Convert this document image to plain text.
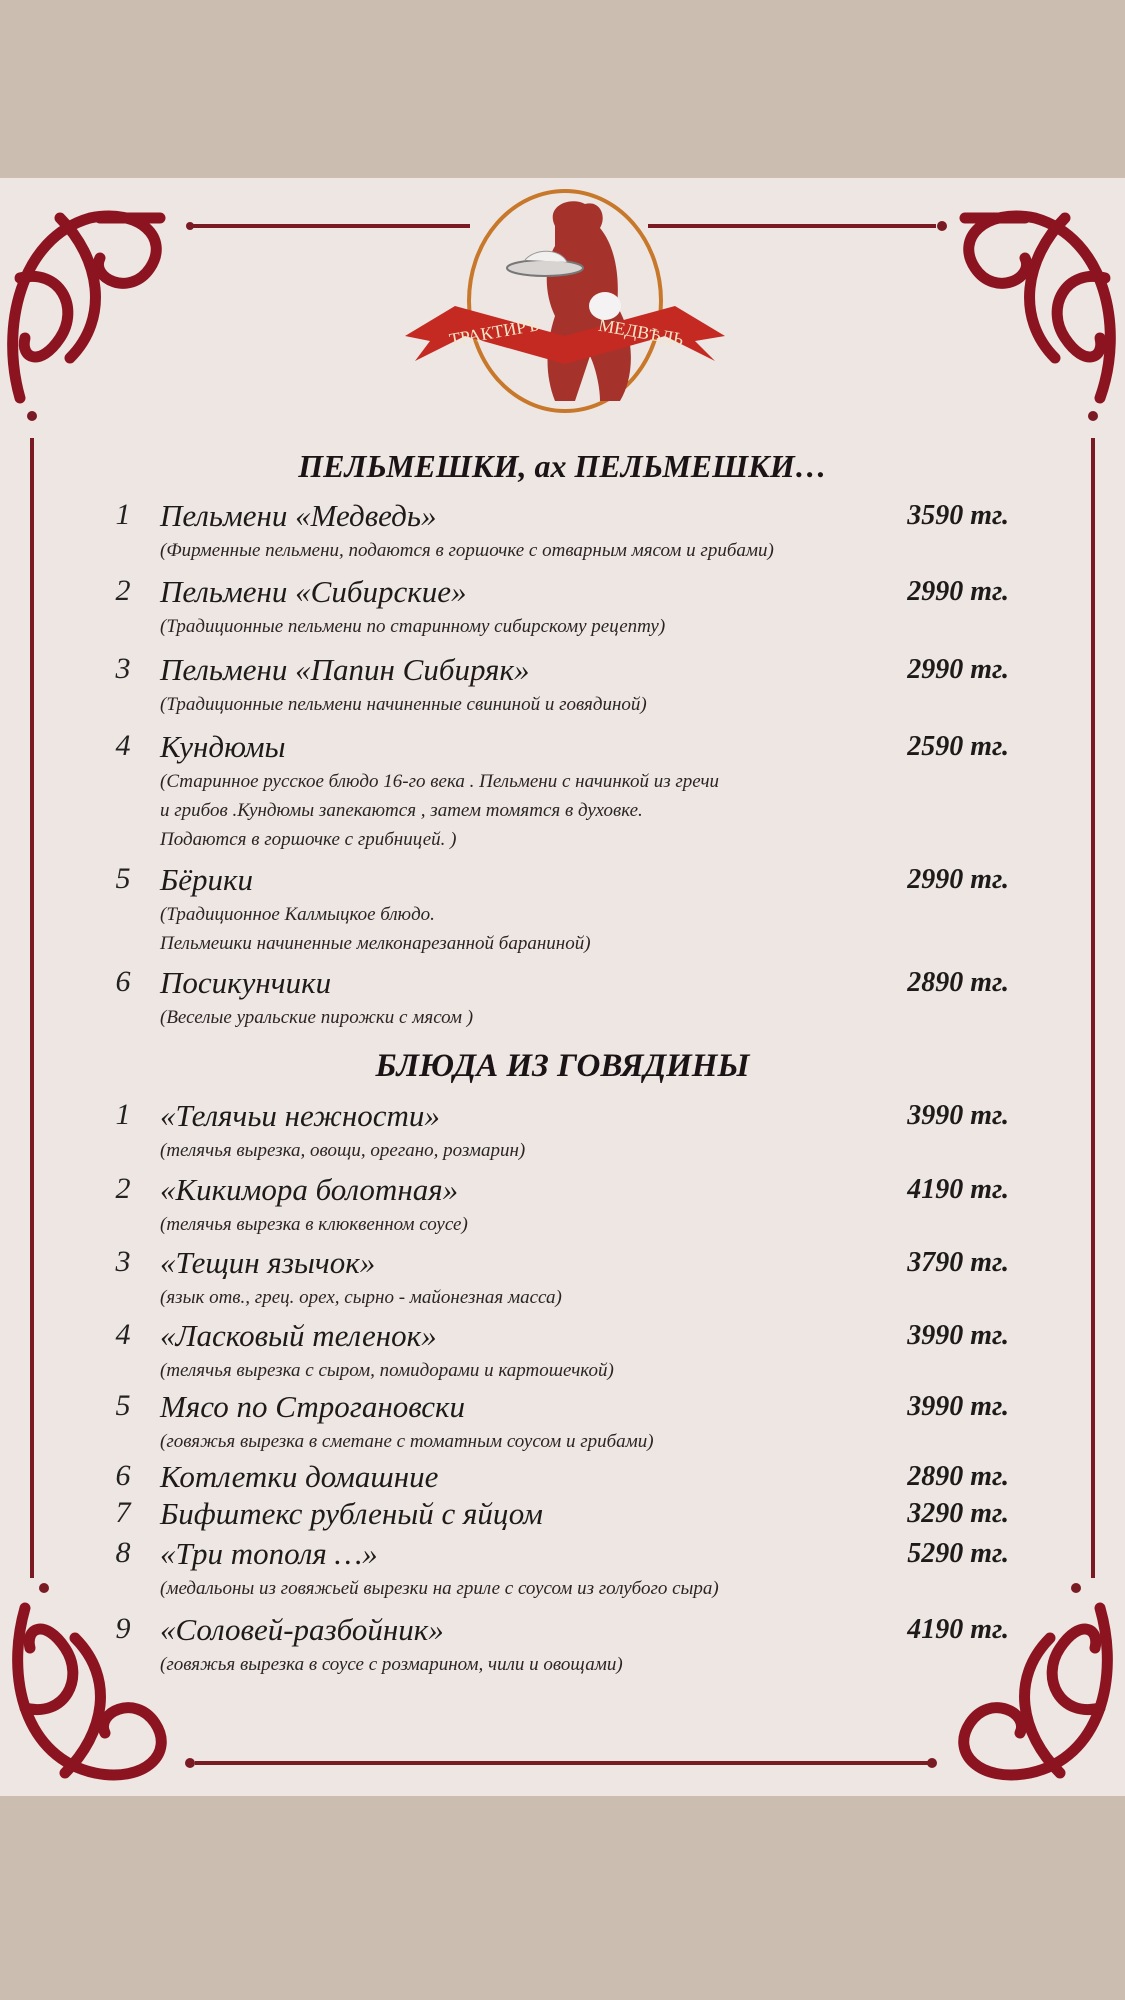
ТРАКТИРЪ	МЕДВѢДЬ
ПЕЛЬМЕШКИ, ах ПЕЛЬМЕШКИ…
1 Пельмени «Медведь»	3590 тг.
(Фирменные пельмени, подаются в горшочке с отварным мясом и грибами)
2 Пельмени «Сибирские»	2990 тг.
(Традиционные пельмени по старинному сибирскому рецепту)
3 Пельмени «Папин Сибиряк»	2990 тг.
(Традиционные пельмени начиненные свининой и говядиной)
4 Кундюмы	2590 тг.
(Старинное русское блюдо 16-го века . Пельмени с начинкой из гречи
и грибов .Кундюмы запекаются , затем томятся в духовке.
Подаются в горшочке с грибницей. )
5 Бёрики	2990 тг.
(Традиционное Калмыцкое блюдо.
Пельмешки начиненные мелконарезанной бараниной)
6 Посикунчики	2890 тг.
(Веселые уральские пирожки с мясом )
БЛЮДА ИЗ ГОВЯДИНЫ
1 «Телячьи нежности»	3990 тг.
(телячья вырезка, овощи, орегано, розмарин)
2 «Кикимора болотная»	4190 тг.
(телячья вырезка в клюквенном соусе)
3 «Тещин язычок»	3790 тг.
(язык отв., грец. орех, сырно - майонезная масса)
4 «Ласковый теленок»	3990 тг.
(телячья вырезка с сыром, помидорами и картошечкой)
5 Мясо по Строгановски	3990 тг.
(говяжья вырезка в сметане с томатным соусом и грибами)
6 Котлетки домашние	2890 тг.
7 Бифштекс рубленый с яйцом	3290 тг.
8 «Три тополя …»	5290 тг.
(медальоны из говяжьей вырезки на гриле с соусом из голубого сыра)
9 «Соловей-разбойник»	4190 тг.
(говяжья вырезка в соусе с розмарином, чили и овощами)
